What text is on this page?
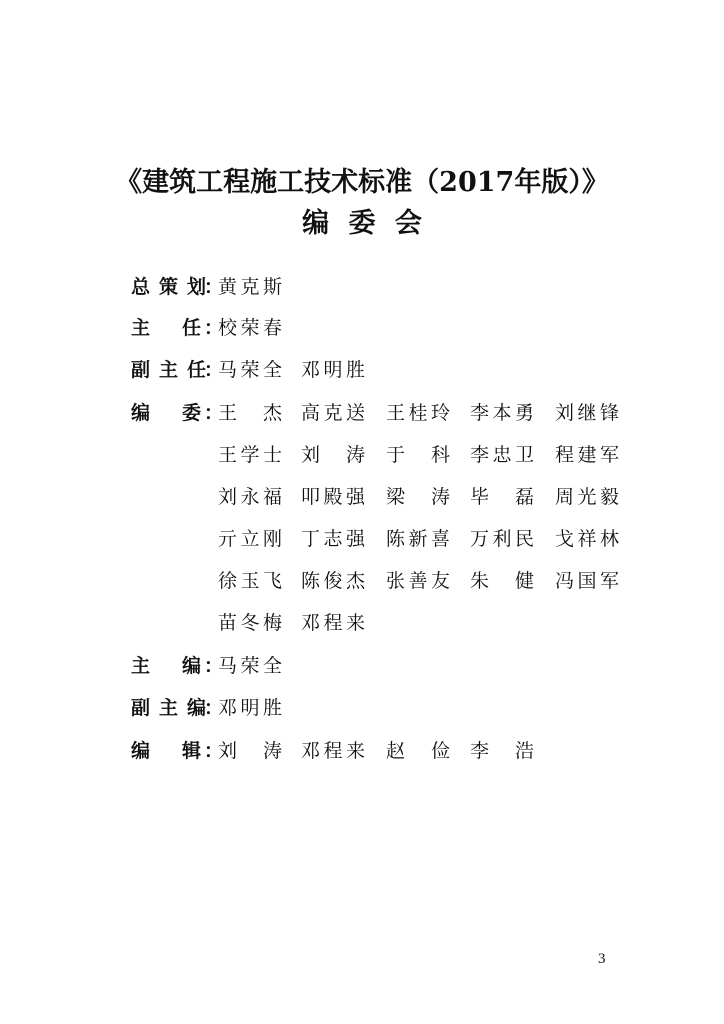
《建筑工程施工技术标准（2017年版）》
编 委 会
总 策 划
：
黄 克 斯
主 任 ：
校 荣 春
副 主 任
：
马 荣 全 邓 明 胜
编 委 ：
王 杰 高 克 送 王 桂 玲 李 本 勇 刘 继 锋
王 学 士 刘 涛 于 科 李 忠 卫 程 建 军
刘 永 福 叩 殿 强 梁 涛 毕 磊 周 光 毅
亓 立 刚 丁 志 强 陈 新 喜 万 利 民 戈 祥 林
徐 玉 飞 陈 俊 杰 张 善 友 朱 健 冯 国 军
苗 冬 梅 邓 程 来
主 编 ：
马 荣 全
副 主 编
：
邓 明 胜
编 辑 ：
刘 涛 邓 程 来 赵 俭 李 浩
3
